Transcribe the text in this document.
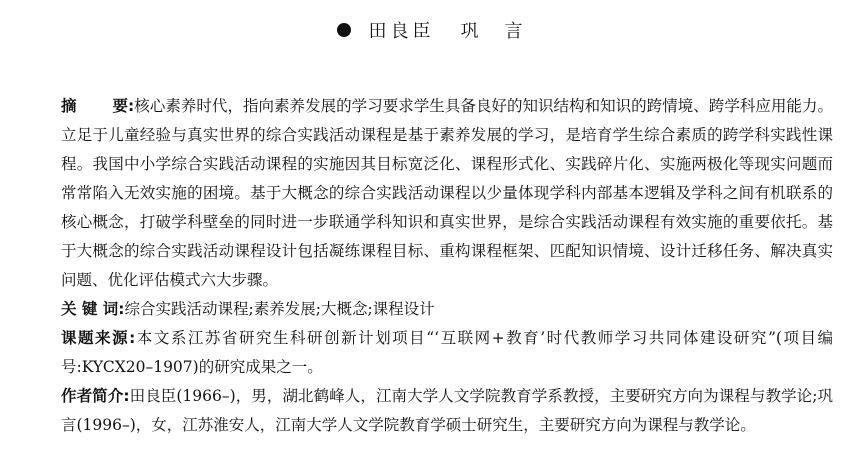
田良臣 巩　言

摘 要:核心素养时代，指向素养发展的学习要求学生具备良好的知识结构和知识的跨情境、跨学科应用能力。立足于儿童经验与真实世界的综合实践活动课程是基于素养发展的学习，是培育学生综合素质的跨学科实践性课程。我国中小学综合实践活动课程的实施因其目标宽泛化、课程形式化、实践碎片化、实施两极化等现实问题而常常陷入无效实施的困境。基于大概念的综合实践活动课程以少量体现学科内部基本逻辑及学科之间有机联系的核心概念，打破学科壁垒的同时进一步联通学科知识和真实世界，是综合实践活动课程有效实施的重要依托。基于大概念的综合实践活动课程设计包括凝练课程目标、重构课程框架、匹配知识情境、设计迁移任务、解决真实问题、优化评估模式六大步骤。

关 键 词:综合实践活动课程;素养发展;大概念;课程设计

课题来源:本文系江苏省研究生科研创新计划项目“‘互联网+教育’时代教师学习共同体建设研究”(项目编号:KYCX20–1907)的研究成果之一。

作者简介:田良臣(1966–)，男，湖北鹤峰人，江南大学人文学院教育学系教授，主要研究方向为课程与教学论;巩言(1996–)，女，江苏淮安人，江南大学人文学院教育学硕士研究生，主要研究方向为课程与教学论。
